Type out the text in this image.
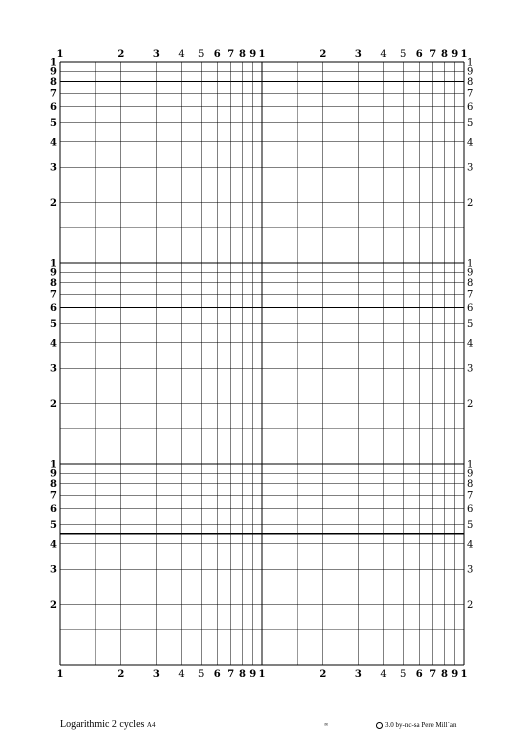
1
1
2
2
3
3
4
4
5
5
6
6
7
7
8
8
9
9
1
1
2
2
3
3
4
4
5
5
6
6
7
7
8
8
9
9
1
1
2	2
3	3
4	4
5	5
6	6
7	7
8	8
9	9
1	1
2	2
3	3
4	4
5	5
6	6
7	7
8	8
9	9
1	1
2	2
3	3
4	4
5	5
6	6
7	7
8	8
9	9
1	1
Logarithmic 2 cycles A4	∞	3.0 by-nc-sa Pere Mill´an
